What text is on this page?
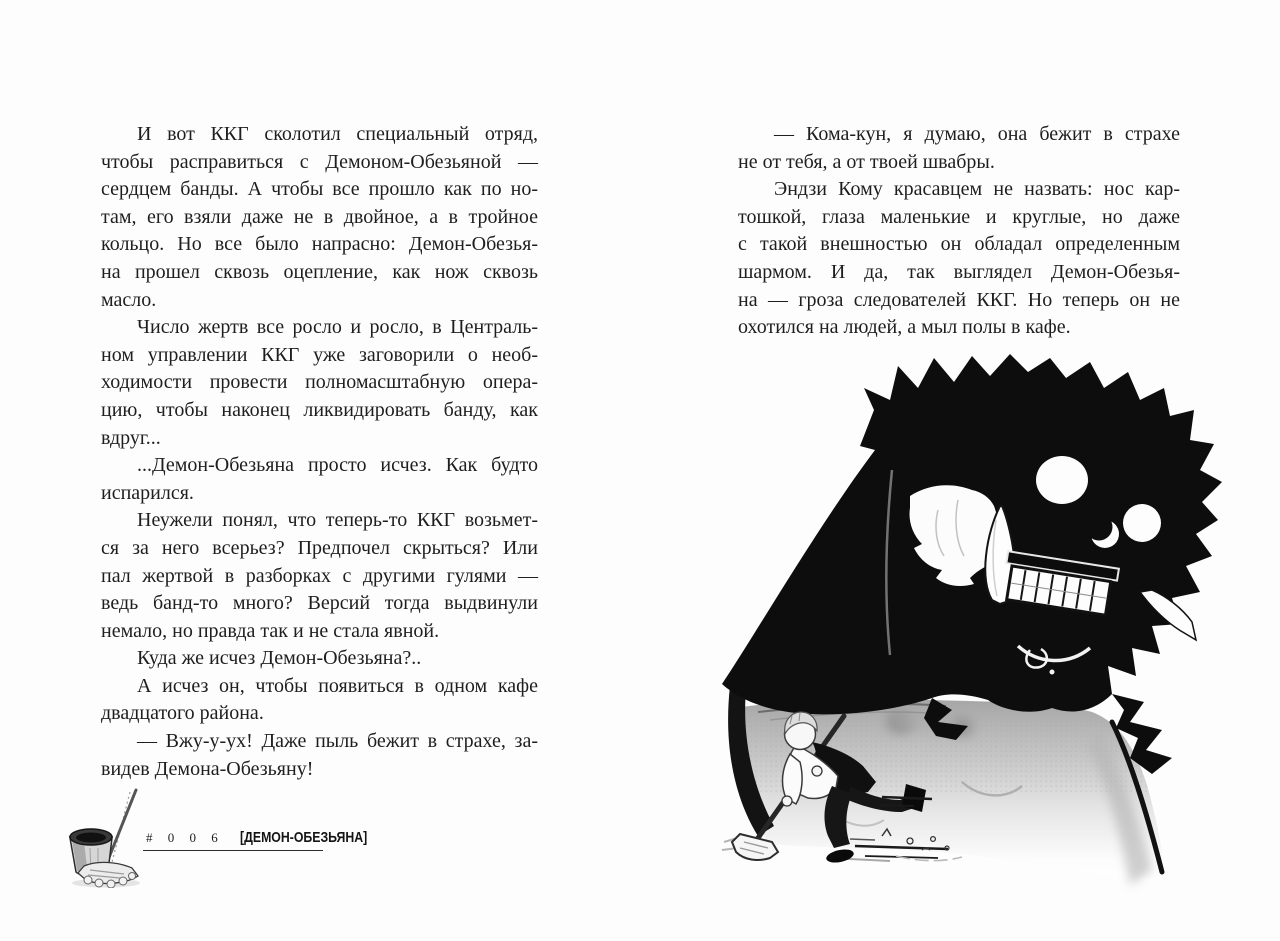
И вот ККГ сколотил специальный отряд,
чтобы расправиться с Демоном-Обезьяной —
сердцем банды. А чтобы все прошло как по но-
там, его взяли даже не в двойное, а в тройное
кольцо. Но все было напрасно: Демон-Обезья-
на прошел сквозь оцепление, как нож сквозь
масло.
Число жертв все росло и росло, в Централь-
ном управлении ККГ уже заговорили о необ-
ходимости провести полномасштабную опера-
цию, чтобы наконец ликвидировать банду, как
вдруг...
...Демон-Обезьяна просто исчез. Как будто
испарился.
Неужели понял, что теперь-то ККГ возьмет-
ся за него всерьез? Предпочел скрыться? Или
пал жертвой в разборках с другими гулями —
ведь банд-то много? Версий тогда выдвинули
немало, но правда так и не стала явной.
Куда же исчез Демон-Обезьяна?..
А исчез он, чтобы появиться в одном кафе
двадцатого района.
— Вжу-у-ух! Даже пыль бежит в страхе, за-
видев Демона-Обезьяну!
— Кома-кун, я думаю, она бежит в страхе
не от тебя, а от твоей швабры.
Эндзи Кому красавцем не назвать: нос кар-
тошкой, глаза маленькие и круглые, но даже
с такой внешностью он обладал определенным
шармом. И да, так выглядел Демон-Обезья-
на — гроза следователей ККГ. Но теперь он не
охотился на людей, а мыл полы в кафе.
# 0 0 6 [ДЕМОН-ОБЕЗЬЯНА]
